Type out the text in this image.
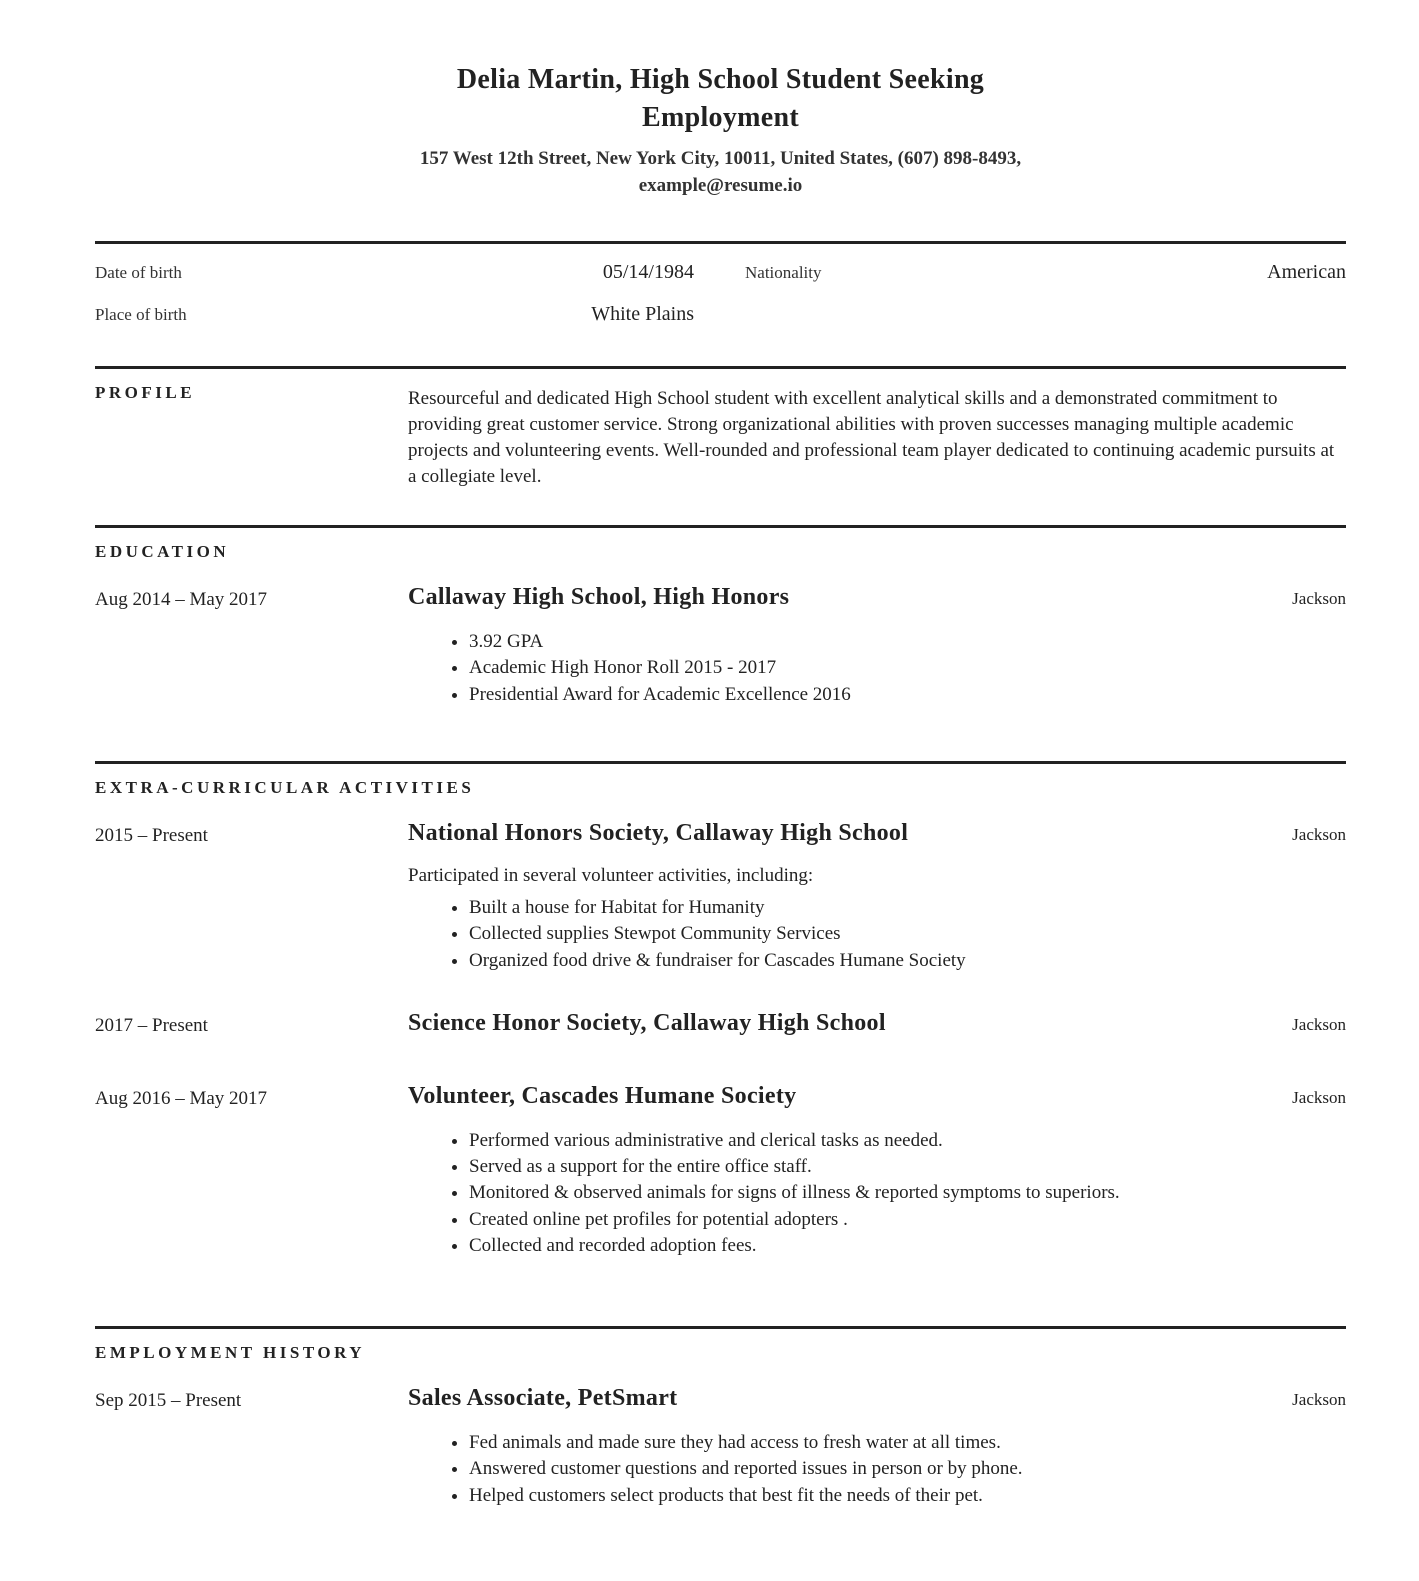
Delia Martin, High School Student Seeking
Employment
157 West 12th Street, New York City, 10011, United States, (607) 898-8493,
example@resume.io
Date of birth	05/14/1984	Nationality	American
Place of birth	White Plains
PROFILE	Resourceful and dedicated High School student with excellent analytical skills and a demonstrated commitment to providing great customer service. Strong organizational abilities with proven successes managing multiple academic projects and volunteering events. Well-rounded and professional team player dedicated to continuing academic pursuits at a collegiate level.
EDUCATION
Aug 2014 – May 2017	Callaway High School, High Honors	Jackson
• 3.92 GPA
• Academic High Honor Roll 2015 - 2017
• Presidential Award for Academic Excellence 2016
EXTRA-CURRICULAR ACTIVITIES
2015 – Present	National Honors Society, Callaway High School	Jackson
Participated in several volunteer activities, including:
• Built a house for Habitat for Humanity
• Collected supplies Stewpot Community Services
• Organized food drive & fundraiser for Cascades Humane Society
2017 – Present	Science Honor Society, Callaway High School	Jackson
Aug 2016 – May 2017	Volunteer, Cascades Humane Society	Jackson
• Performed various administrative and clerical tasks as needed.
• Served as a support for the entire office staff.
• Monitored & observed animals for signs of illness & reported symptoms to superiors.
• Created online pet profiles for potential adopters .
• Collected and recorded adoption fees.
EMPLOYMENT HISTORY
Sep 2015 – Present	Sales Associate, PetSmart	Jackson
• Fed animals and made sure they had access to fresh water at all times.
• Answered customer questions and reported issues in person or by phone.
• Helped customers select products that best fit the needs of their pet.
